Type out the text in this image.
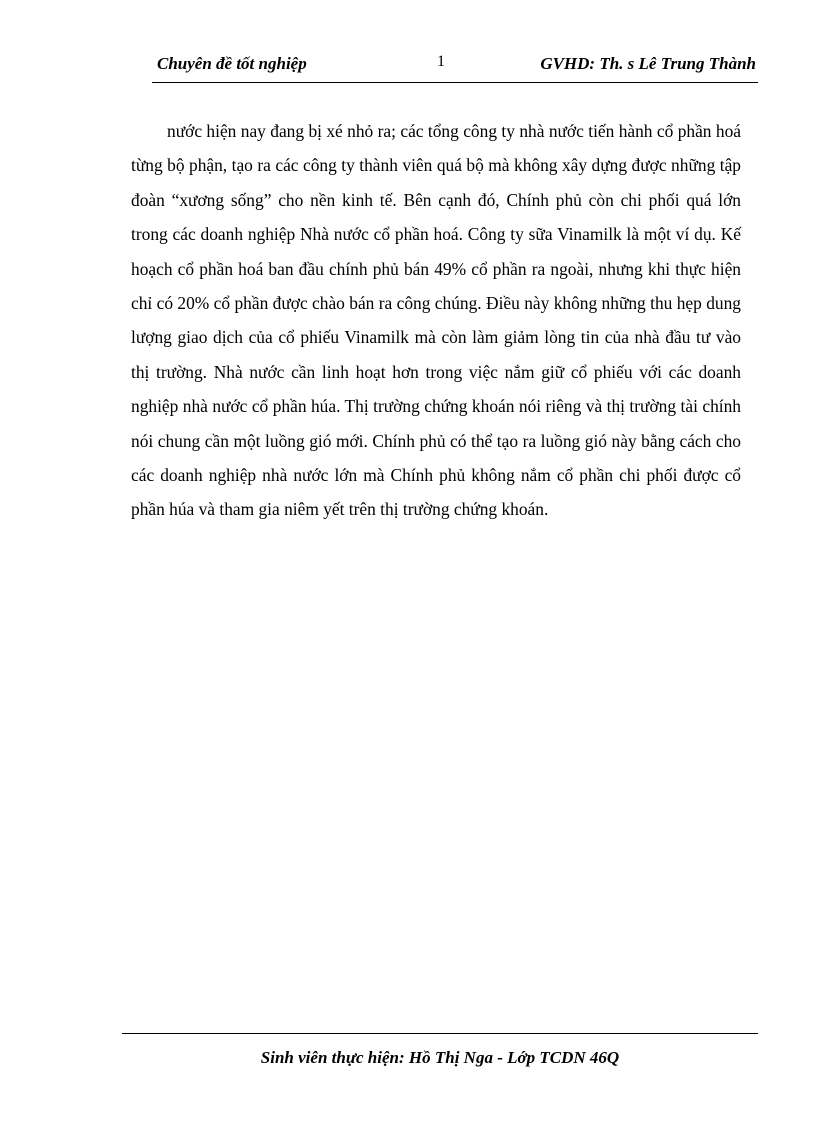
Chuyên đề tốt nghiệp	1	GVHD: Th. s Lê Trung Thành

nước hiện nay đang bị xé nhỏ ra; các tổng công ty nhà nước tiến hành cổ phần hoá từng bộ phận, tạo ra các công ty thành viên quá bộ mà không xây dựng được những tập đoàn “xương sống” cho nền kinh tế. Bên cạnh đó, Chính phủ còn chi phối quá lớn trong các doanh nghiệp Nhà nước cổ phần hoá. Công ty sữa Vinamilk là một ví dụ. Kế hoạch cổ phần hoá ban đầu chính phủ bán 49% cổ phần ra ngoài, nhưng khi thực hiện chỉ có 20% cổ phần được chào bán ra công chúng. Điều này không những thu hẹp dung lượng giao dịch của cổ phiếu Vinamilk mà còn làm giảm lòng tin của nhà đầu tư vào thị trường. Nhà nước cần linh hoạt hơn trong việc nắm giữ cổ phiếu với các doanh nghiệp nhà nước cổ phần húa. Thị trường chứng khoán nói riêng và thị trường tài chính nói chung cần một luồng gió mới. Chính phủ có thể tạo ra luồng gió này bằng cách cho các doanh nghiệp nhà nước lớn mà Chính phủ không nắm cổ phần chi phối được cổ phần húa và tham gia niêm yết trên thị trường chứng khoán.

Sinh viên thực hiện: Hồ Thị Nga - Lớp TCDN 46Q
